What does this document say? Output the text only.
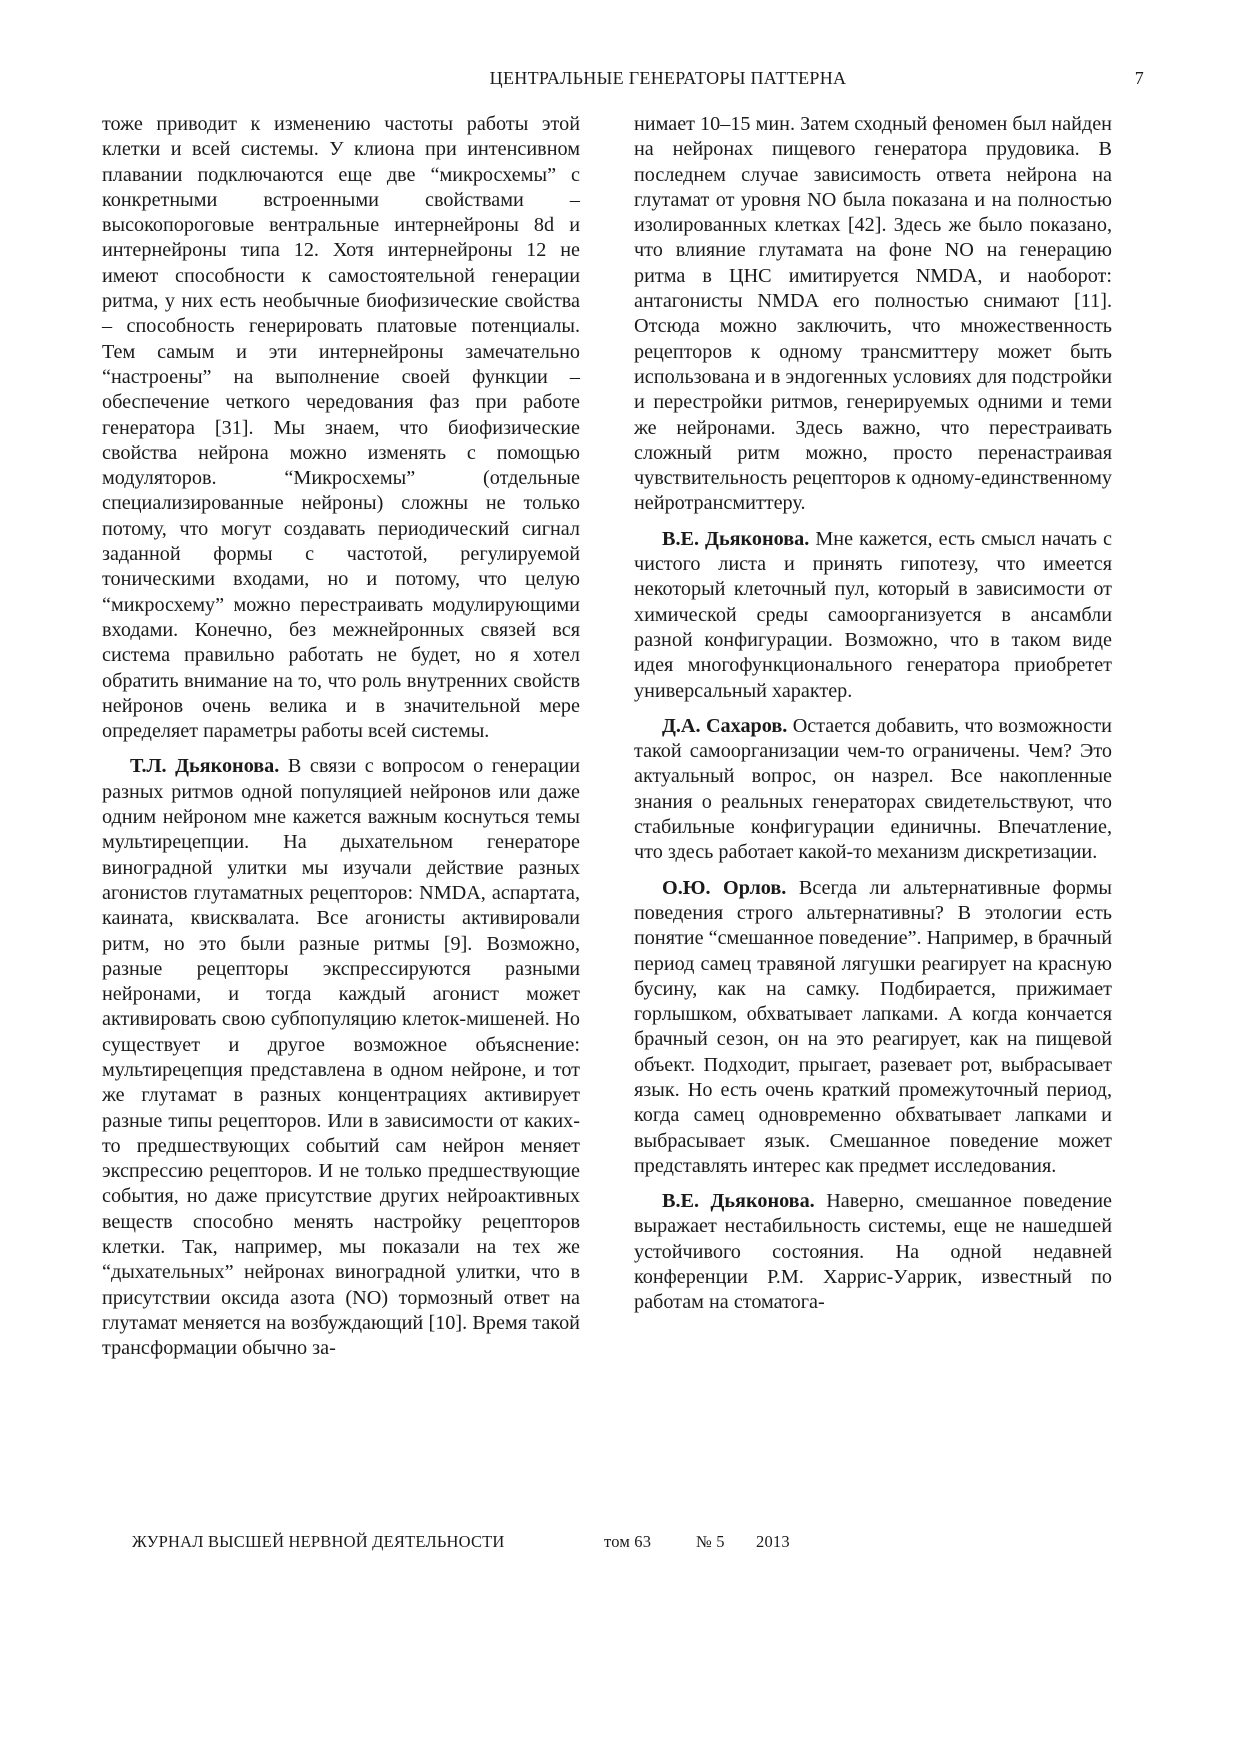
ЦЕНТРАЛЬНЫЕ ГЕНЕРАТОРЫ ПАТТЕРНА	7

тоже приводит к изменению частоты работы этой клетки и всей системы. У клиона при интенсивном плавании подключаются еще две “микросхемы” с конкретными встроенными свойствами – высокопороговые вентральные интернейроны 8d и интернейроны типа 12. Хотя интернейроны 12 не имеют способности к самостоятельной генерации ритма, у них есть необычные биофизические свойства – способность генерировать платовые потенциалы. Тем самым и эти интернейроны замечательно “настроены” на выполнение своей функции – обеспечение четкого чередования фаз при работе генератора [31]. Мы знаем, что биофизические свойства нейрона можно изменять с помощью модуляторов. “Микросхемы” (отдельные специализированные нейроны) сложны не только потому, что могут создавать периодический сигнал заданной формы с частотой, регулируемой тоническими входами, но и потому, что целую “микросхему” можно перестраивать модулирующими входами. Конечно, без межнейронных связей вся система правильно работать не будет, но я хотел обратить внимание на то, что роль внутренних свойств нейронов очень велика и в значительной мере определяет параметры работы всей системы.

Т.Л. Дьяконова. В связи с вопросом о генерации разных ритмов одной популяцией нейронов или даже одним нейроном мне кажется важным коснуться темы мультирецепции. На дыхательном генераторе виноградной улитки мы изучали действие разных агонистов глутаматных рецепторов: NMDA, аспартата, каината, квисквалата. Все агонисты активировали ритм, но это были разные ритмы [9]. Возможно, разные рецепторы экспрессируются разными нейронами, и тогда каждый агонист может активировать свою субпопуляцию клеток-мишеней. Но существует и другое возможное объяснение: мультирецепция представлена в одном нейроне, и тот же глутамат в разных концентрациях активирует разные типы рецепторов. Или в зависимости от каких-то предшествующих событий сам нейрон меняет экспрессию рецепторов. И не только предшествующие события, но даже присутствие других нейроактивных веществ способно менять настройку рецепторов клетки. Так, например, мы показали на тех же “дыхательных” нейронах виноградной улитки, что в присутствии оксида азота (NO) тормозный ответ на глутамат меняется на возбуждающий [10]. Время такой трансформации обычно за-

нимает 10–15 мин. Затем сходный феномен был найден на нейронах пищевого генератора прудовика. В последнем случае зависимость ответа нейрона на глутамат от уровня NO была показана и на полностью изолированных клетках [42]. Здесь же было показано, что влияние глутамата на фоне NO на генерацию ритма в ЦНС имитируется NMDA, и наоборот: антагонисты NMDA его полностью снимают [11]. Отсюда можно заключить, что множественность рецепторов к одному трансмиттеру может быть использована и в эндогенных условиях для подстройки и перестройки ритмов, генерируемых одними и теми же нейронами. Здесь важно, что перестраивать сложный ритм можно, просто перенастраивая чувствительность рецепторов к одному-единственному нейротрансмиттеру.

В.Е. Дьяконова. Мне кажется, есть смысл начать с чистого листа и принять гипотезу, что имеется некоторый клеточный пул, который в зависимости от химической среды самоорганизуется в ансамбли разной конфигурации. Возможно, что в таком виде идея многофункционального генератора приобретет универсальный характер.

Д.А. Сахаров. Остается добавить, что возможности такой самоорганизации чем-то ограничены. Чем? Это актуальный вопрос, он назрел. Все накопленные знания о реальных генераторах свидетельствуют, что стабильные конфигурации единичны. Впечатление, что здесь работает какой-то механизм дискретизации.

О.Ю. Орлов. Всегда ли альтернативные формы поведения строго альтернативны? В этологии есть понятие “смешанное поведение”. Например, в брачный период самец травяной лягушки реагирует на красную бусину, как на самку. Подбирается, прижимает горлышком, обхватывает лапками. А когда кончается брачный сезон, он на это реагирует, как на пищевой объект. Подходит, прыгает, разевает рот, выбрасывает язык. Но есть очень краткий промежуточный период, когда самец одновременно обхватывает лапками и выбрасывает язык. Смешанное поведение может представлять интерес как предмет исследования.

В.Е. Дьяконова. Наверно, смешанное поведение выражает нестабильность системы, еще не нашедшей устойчивого состояния. На одной недавней конференции Р.М. Харрис-Уаррик, известный по работам на стоматога-

ЖУРНАЛ ВЫСШЕЙ НЕРВНОЙ ДЕЯТЕЛЬНОСТИ	том 63	№ 5 2013
